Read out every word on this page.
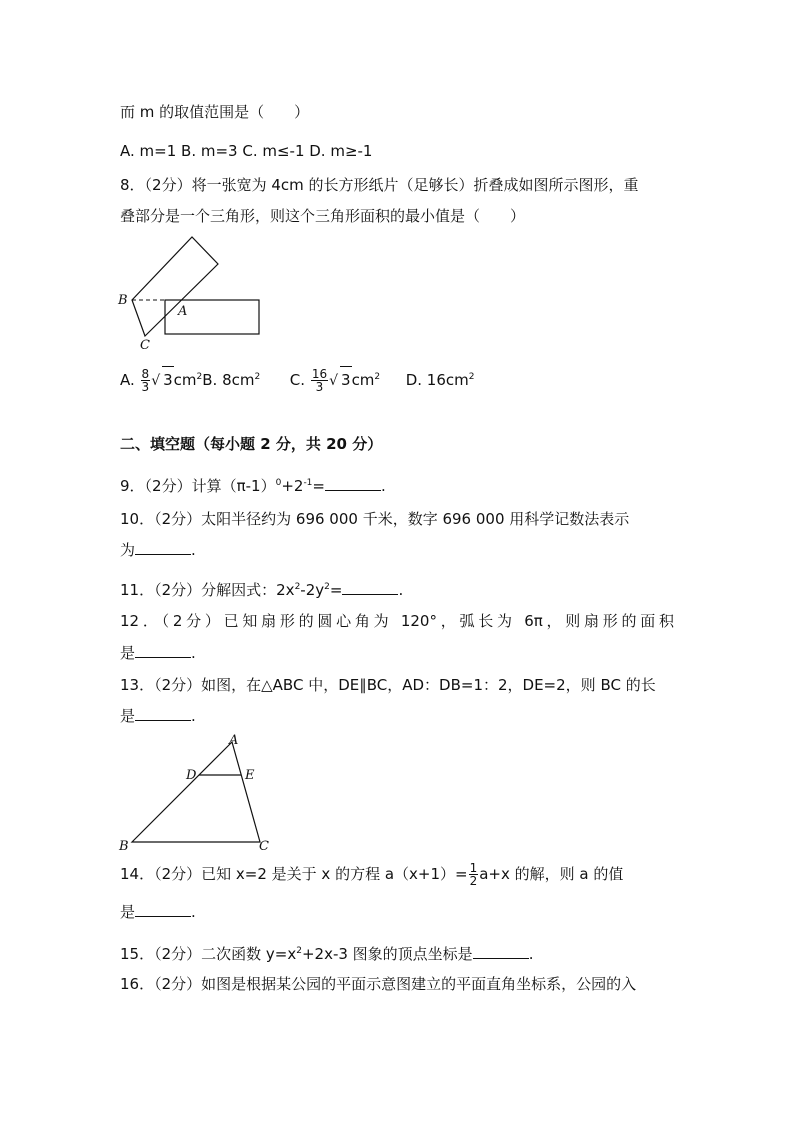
而 m 的取值范围是（　　）
A. m=1 B. m=3 C. m≤-1 D. m≥-1
8．（2分）将一张宽为 4cm 的长方形纸片（足够长）折叠成如图所示图形，重
叠部分是一个三角形，则这个三角形面积的最小值是（　　）
B
A
C
A. $\frac{8}{3}$ √ $3cm^2B$. $8cm^2$ C. $\frac{16}{3}$ √ $3cm^2$ D. $16cm^2$
二、填空题（每小题 2 分，共 20 分）
9．（2分）计算$(\pi-1)^0+2^{-1}=$	.
10．（2分）太阳半径约为 696 000 千米，数字 696 000 用科学记数法表示
为	.
11．（2分）分解因式：$2x^2-2y^2=$	.
12．（2分）已知扇形的圆心角为 120°，弧长为 6π，则扇形的面积
是	.
13．（2分）如图，在△ABC 中，DE∥BC，AD：DB=1：2，DE=2，则 BC 的长
是	.
A
D	E
B	C
14．（2分）已知 x=2 是关于 x 的方程 $a(x+1)= \frac{1}{2} a+x$ 的解，则 a 的值
是	.
15．（2分）二次函数 $y=x^2+2x-3$ 图象的顶点坐标是	.
16．（2分）如图是根据某公园的平面示意图建立的平面直角坐标系，公园的入
